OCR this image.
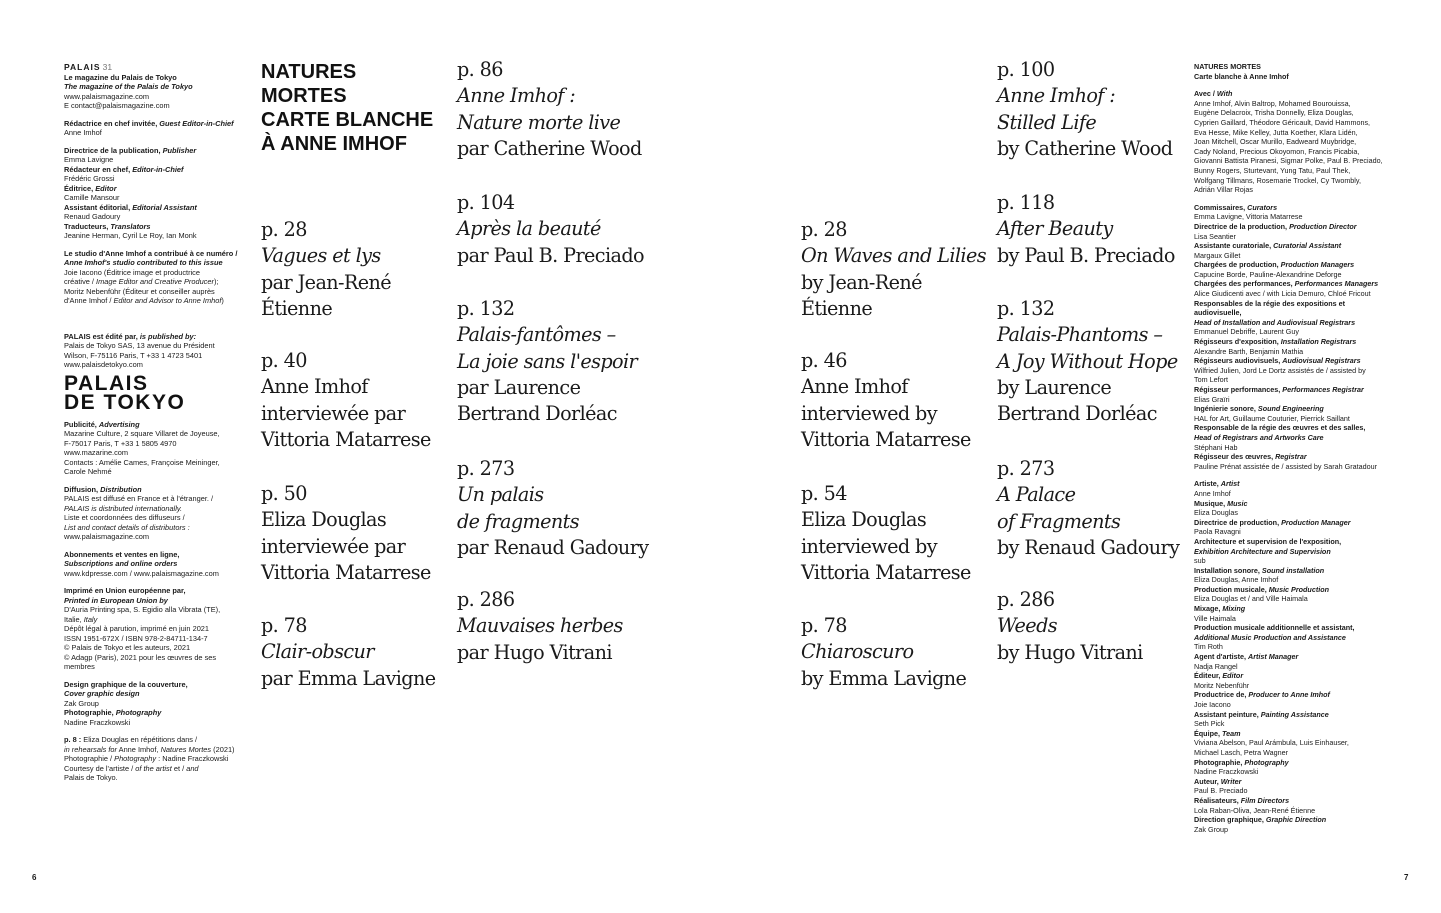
PALAIS 31

Le magazine du Palais de Tokyo

The magazine of the Palais de Tokyo

www.palaismagazine.com

E contact@palaismagazine.com

Rédactrice en chef invitée, Guest Editor-in-Chief

Anne Imhof

Directrice de la publication, Publisher

Emma Lavigne

Rédacteur en chef, Editor-in-Chief

Frédéric Grossi

Éditrice, Editor

Camille Mansour

Assistant éditorial, Editorial Assistant

Renaud Gadoury

Traducteurs, Translators

Jeanine Herman, Cyril Le Roy, Ian Monk

Le studio d'Anne Imhof a contribué à ce numéro /

Anne Imhof's studio contributed to this issue

Joie Iacono (Éditrice image et productrice

créative / Image Editor and Creative Producer);

Moritz Nebenführ (Éditeur et conseiller auprès

d'Anne Imhof / Editor and Advisor to Anne Imhof)

PALAIS est édité par, is published by:

Palais de Tokyo SAS, 13 avenue du Président

Wilson, F-75116 Paris, T +33 1 4723 5401

www.palaisdetokyo.com

PALAIS
DE TOKYO

Publicité, Advertising

Mazarine Culture, 2 square Villaret de Joyeuse,

F-75017 Paris, T +33 1 5805 4970

www.mazarine.com

Contacts : Amélie Cames, Françoise Meininger,

Carole Nehmé

Diffusion, Distribution

PALAIS est diffusé en France et à l'étranger. /

PALAIS is distributed internationally.

Liste et coordonnées des diffuseurs /

List and contact details of distributors :

www.palaismagazine.com

Abonnements et ventes en ligne,

Subscriptions and online orders

www.kdpresse.com / www.palaismagazine.com

Imprimé en Union européenne par,

Printed in European Union by

D'Auria Printing spa, S. Egidio alla Vibrata (TE),

Italie, Italy

Dépôt légal à parution, imprimé en juin 2021

ISSN 1951-672X / ISBN 978-2-84711-134-7

© Palais de Tokyo et les auteurs, 2021

© Adagp (Paris), 2021 pour les œuvres de ses

membres

Design graphique de la couverture,

Cover graphic design

Zak Group

Photographie, Photography

Nadine Fraczkowski

p. 8 : Eliza Douglas en répétitions dans /

in rehearsals for Anne Imhof, Natures Mortes (2021)

Photographie / Photography : Nadine Fraczkowski

Courtesy de l'artiste / of the artist et / and

Palais de Tokyo.

NATURES
MORTES
CARTE BLANCHE
À ANNE IMHOF
p. 28
Vagues et lys
par Jean-René
Étienne
p. 40
Anne Imhof
interviewée par
Vittoria Matarrese
p. 50
Eliza Douglas
interviewée par
Vittoria Matarrese
p. 78
Clair-obscur
par Emma Lavigne
p. 86
Anne Imhof :
Nature morte live
par Catherine Wood
p. 104
Après la beauté
par Paul B. Preciado
p. 132
Palais-fantômes –
La joie sans l'espoir
par Laurence
Bertrand Dorléac
p. 273
Un palais
de fragments
par Renaud Gadoury
p. 286
Mauvaises herbes
par Hugo Vitrani
p. 28
On Waves and Lilies
by Jean-René
Étienne
p. 46
Anne Imhof
interviewed by
Vittoria Matarrese
p. 54
Eliza Douglas
interviewed by
Vittoria Matarrese
p. 78
Chiaroscuro
by Emma Lavigne
p. 100
Anne Imhof :
Stilled Life
by Catherine Wood
p. 118
After Beauty
by Paul B. Preciado
p. 132
Palais-Phantoms –
A Joy Without Hope
by Laurence
Bertrand Dorléac
p. 273
A Palace
of Fragments
by Renaud Gadoury
p. 286
Weeds
by Hugo Vitrani

NATURES MORTES

Carte blanche à Anne Imhof

Avec / With

Anne Imhof, Alvin Baltrop, Mohamed Bourouissa,

Eugène Delacroix, Trisha Donnelly, Eliza Douglas,

Cyprien Gaillard, Théodore Géricault, David Hammons,

Eva Hesse, Mike Kelley, Jutta Koether, Klara Lidén,

Joan Mitchell, Oscar Murillo, Eadweard Muybridge,

Cady Noland, Precious Okoyomon, Francis Picabia,

Giovanni Battista Piranesi, Sigmar Polke, Paul B. Preciado,

Bunny Rogers, Sturtevant, Yung Tatu, Paul Thek,

Wolfgang Tillmans, Rosemarie Trockel, Cy Twombly,

Adrián Villar Rojas

Commissaires, Curators

Emma Lavigne, Vittoria Matarrese

Directrice de la production, Production Director

Lisa Seantier

Assistante curatoriale, Curatorial Assistant

Margaux Gillet

Chargées de production, Production Managers

Capucine Borde, Pauline-Alexandrine Deforge

Chargées des performances, Performances Managers

Alice Giudicenti avec / with Licia Demuro, Chloé Fricout

Responsables de la régie des expositions et audiovisuelle,

Head of Installation and Audiovisual Registrars

Emmanuel Debriffe, Laurent Guy

Régisseurs d'exposition, Installation Registrars

Alexandre Barth, Benjamin Mathia

Régisseurs audiovisuels, Audiovisual Registrars

Wilfried Julien, Jord Le Dortz assistés de / assisted by

Tom Lefort

Régisseur performances, Performances Registrar

Elias Graïri

Ingénierie sonore, Sound Engineering

HAL for Art, Guillaume Couturier, Pierrick Saillant

Responsable de la régie des œuvres et des salles,

Head of Registrars and Artworks Care

Stéphani Hab

Régisseur des œuvres, Registrar

Pauline Prénat assistée de / assisted by Sarah Gratadour

Artiste, Artist

Anne Imhof

Musique, Music

Eliza Douglas

Directrice de production, Production Manager

Paola Ravagni

Architecture et supervision de l'exposition,

Exhibition Architecture and Supervision

sub

Installation sonore, Sound installation

Eliza Douglas, Anne Imhof

Production musicale, Music Production

Eliza Douglas et / and Ville Haimala

Mixage, Mixing

Ville Haimala

Production musicale additionnelle et assistant,

Additional Music Production and Assistance

Tim Roth

Agent d'artiste, Artist Manager

Nadja Rangel

Éditeur, Editor

Moritz Nebenführ

Productrice de, Producer to Anne Imhof

Joie Iacono

Assistant peinture, Painting Assistance

Seth Pick

Équipe, Team

Viviana Abelson, Paul Arámbula, Luis Einhauser,

Michael Lasch, Petra Wagner

Photographie, Photography

Nadine Fraczkowski

Auteur, Writer

Paul B. Preciado

Réalisateurs, Film Directors

Lola Raban-Oliva, Jean-René Étienne

Direction graphique, Graphic Direction

Zak Group

6	7
